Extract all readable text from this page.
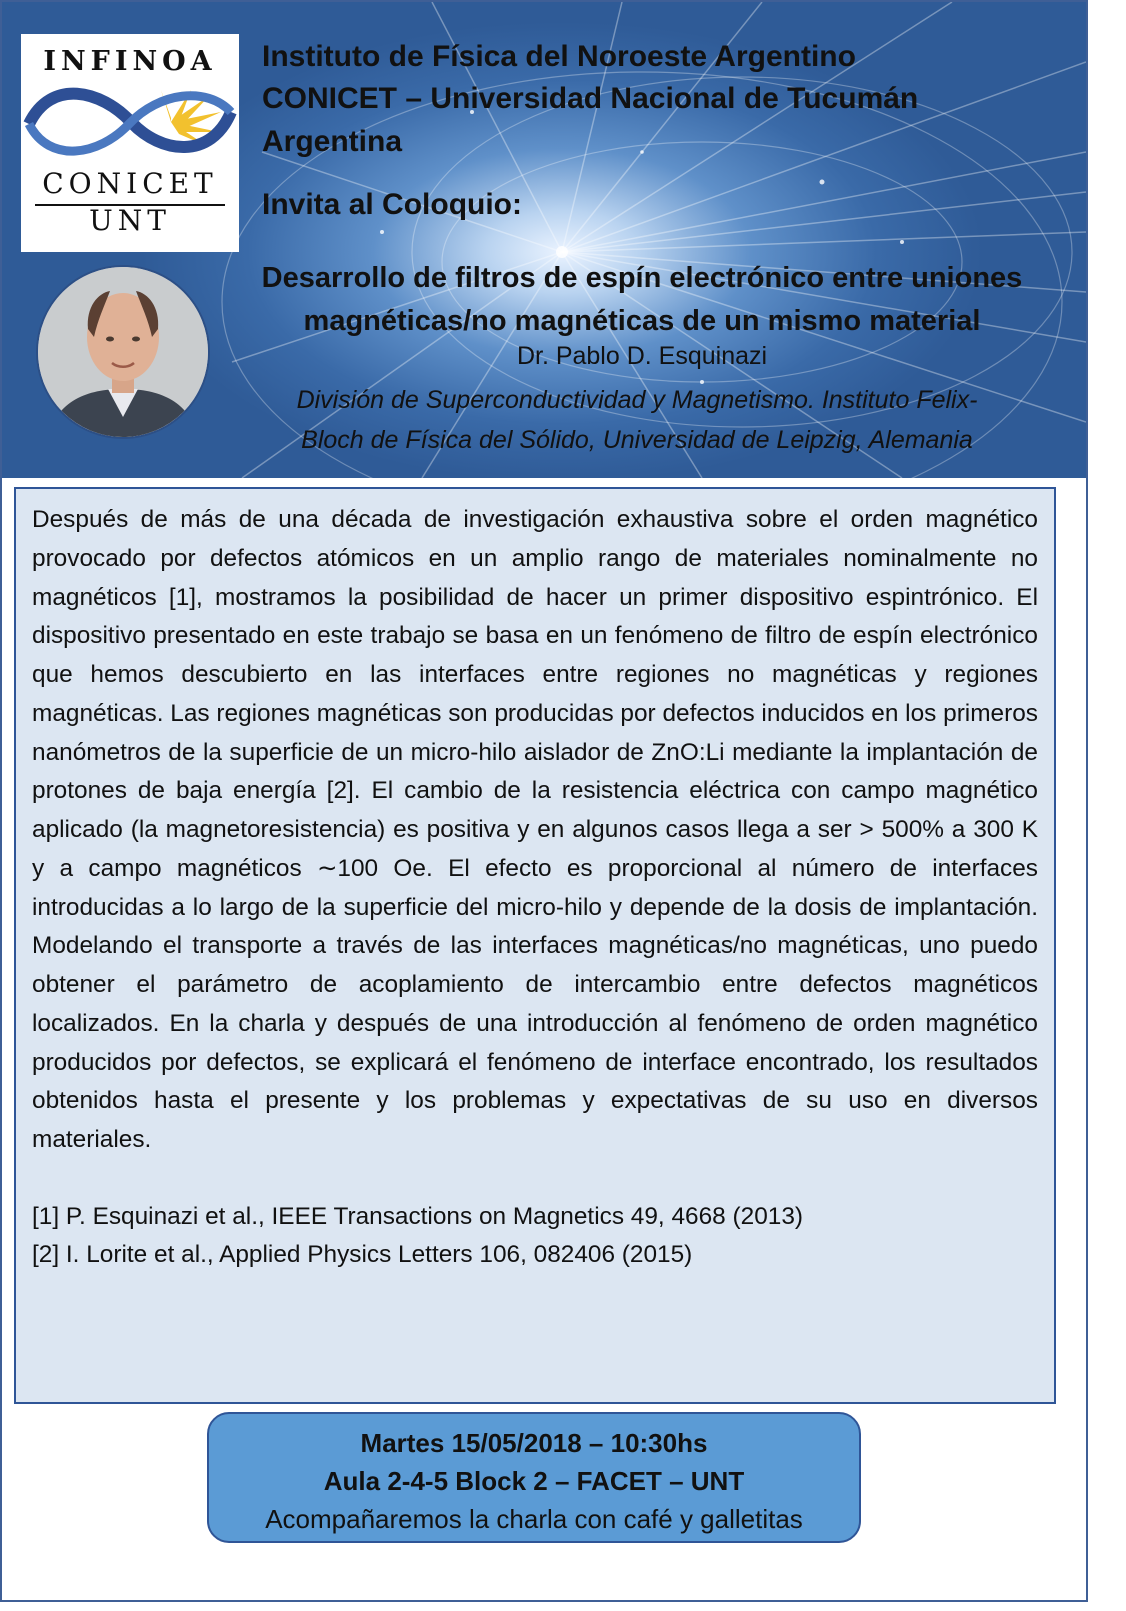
INFINOA
CONICET
UNT
Instituto de Física del Noroeste Argentino
CONICET – Universidad Nacional de Tucumán
Argentina
Invita al Coloquio:
Desarrollo de filtros de espín electrónico entre uniones
magnéticas/no magnéticas de un mismo material
Dr. Pablo D. Esquinazi
División de Superconductividad y Magnetismo. Instituto Felix-
Bloch de Física del Sólido, Universidad de Leipzig, Alemania

Después de más de una década de investigación exhaustiva sobre el orden magnético provocado por defectos atómicos en un amplio rango de materiales nominalmente no magnéticos [1], mostramos la posibilidad de hacer un primer dispositivo espintrónico. El dispositivo presentado en este trabajo se basa en un fenómeno de filtro de espín electrónico que hemos descubierto en las interfaces entre regiones no magnéticas y regiones magnéticas. Las regiones magnéticas son producidas por defectos inducidos en los primeros nanómetros de la superficie de un micro-hilo aislador de ZnO:Li mediante la implantación de protones de baja energía [2]. El cambio de la resistencia eléctrica con campo magnético aplicado (la magnetoresistencia) es positiva y en algunos casos llega a ser > 500% a 300 K y a campo magnéticos ∼100 Oe. El efecto es proporcional al número de interfaces introducidas a lo largo de la superficie del micro-hilo y depende de la dosis de implantación. Modelando el transporte a través de las interfaces magnéticas/no magnéticas, uno puedo obtener el parámetro de acoplamiento de intercambio entre defectos magnéticos localizados. En la charla y después de una introducción al fenómeno de orden magnético producidos por defectos, se explicará el fenómeno de interface encontrado, los resultados obtenidos hasta el presente y los problemas y expectativas de su uso en diversos materiales.

[1] P. Esquinazi et al., IEEE Transactions on Magnetics 49, 4668 (2013)

[2] I. Lorite et al., Applied Physics Letters 106, 082406 (2015)

Martes 15/05/2018 – 10:30hs
Aula 2-4-5 Block 2 – FACET – UNT
Acompañaremos la charla con café y galletitas
